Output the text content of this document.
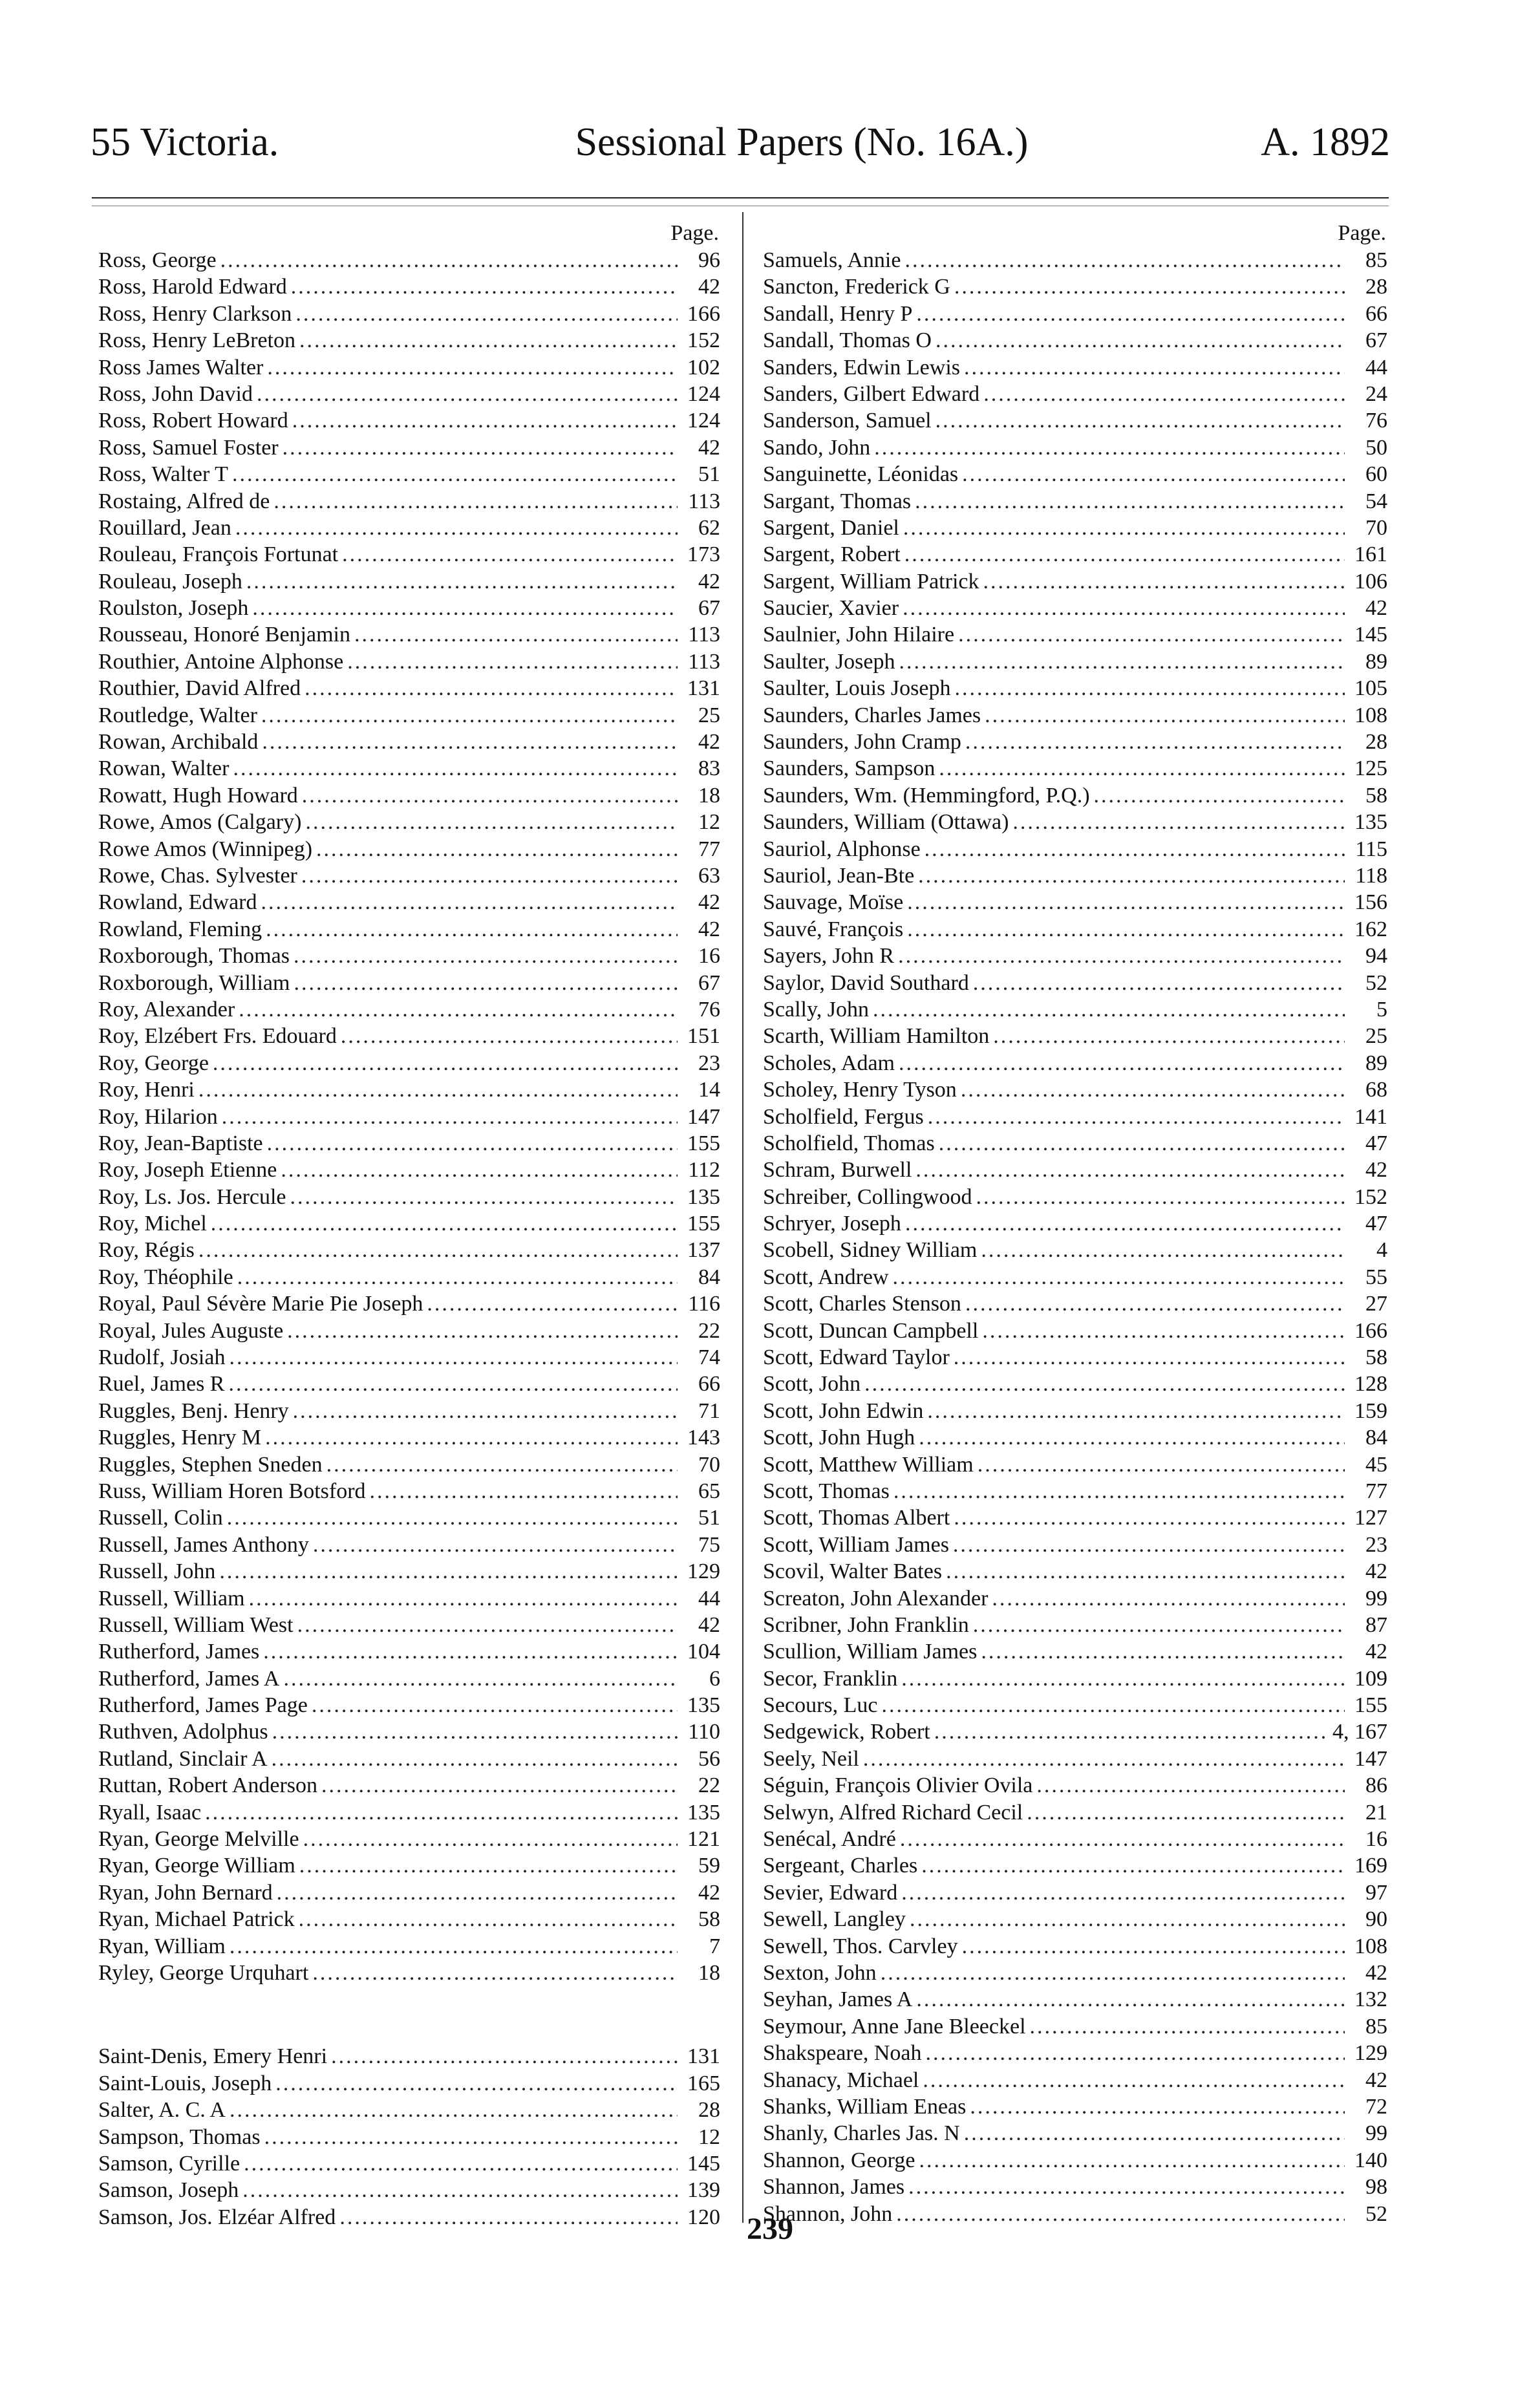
55 Victoria.	Sessional Papers (No. 16A.)	A. 1892
Page.
Ross, George .....	96
Ross, Harold Edward .....	42
Ross, Henry Clarkson .....	166
Ross, Henry LeBreton .....	152
Ross James Walter .....	102
Ross, John David .....	124
Ross, Robert Howard .....	124
Ross, Samuel Foster .....	42
Ross, Walter T .....	51
Rostaing, Alfred de .....	113
Rouillard, Jean .....	62
Rouleau, François Fortunat .....	173
Rouleau, Joseph .....	42
Roulston, Joseph .....	67
Rousseau, Honoré Benjamin .....	113
Routhier, Antoine Alphonse .....	113
Routhier, David Alfred .....	131
Routledge, Walter .....	25
Rowan, Archibald .....	42
Rowan, Walter .....	83
Rowatt, Hugh Howard .....	18
Rowe, Amos (Calgary) .....	12
Rowe Amos (Winnipeg) .....	77
Rowe, Chas. Sylvester .....	63
Rowland, Edward .....	42
Rowland, Fleming .....	42
Roxborough, Thomas .....	16
Roxborough, William .....	67
Roy, Alexander .....	76
Roy, Elzébert Frs. Edouard .....	151
Roy, George .....	23
Roy, Henri .....	14
Roy, Hilarion .....	147
Roy, Jean-Baptiste .....	155
Roy, Joseph Etienne .....	112
Roy, Ls. Jos. Hercule .....	135
Roy, Michel .....	155
Roy, Régis .....	137
Roy, Théophile .....	84
Royal, Paul Sévère Marie Pie Joseph .....	116
Royal, Jules Auguste .....	22
Rudolf, Josiah .....	74
Ruel, James R .....	66
Ruggles, Benj. Henry .....	71
Ruggles, Henry M .....	143
Ruggles, Stephen Sneden .....	70
Russ, William Horen Botsford .....	65
Russell, Colin .....	51
Russell, James Anthony .....	75
Russell, John .....	129
Russell, William .....	44
Russell, William West .....	42
Rutherford, James .....	104
Rutherford, James A .....	6
Rutherford, James Page .....	135
Ruthven, Adolphus .....	110
Rutland, Sinclair A .....	56
Ruttan, Robert Anderson .....	22
Ryall, Isaac .....	135
Ryan, George Melville .....	121
Ryan, George William .....	59
Ryan, John Bernard .....	42
Ryan, Michael Patrick .....	58
Ryan, William .....	7
Ryley, George Urquhart .....	18
Saint-Denis, Emery Henri .....	131
Saint-Louis, Joseph .....	165
Salter, A. C. A .....	28
Sampson, Thomas .....	12
Samson, Cyrille .....	145
Samson, Joseph .....	139
Samson, Jos. Elzéar Alfred .....	120
Page.
Samuels, Annie .....	85
Sancton, Frederick G .....	28
Sandall, Henry P .....	66
Sandall, Thomas O .....	67
Sanders, Edwin Lewis .....	44
Sanders, Gilbert Edward .....	24
Sanderson, Samuel .....	76
Sando, John .....	50
Sanguinette, Léonidas .....	60
Sargant, Thomas .....	54
Sargent, Daniel .....	70
Sargent, Robert .....	161
Sargent, William Patrick .....	106
Saucier, Xavier .....	42
Saulnier, John Hilaire .....	145
Saulter, Joseph .....	89
Saulter, Louis Joseph .....	105
Saunders, Charles James .....	108
Saunders, John Cramp .....	28
Saunders, Sampson .....	125
Saunders, Wm. (Hemmingford, P.Q.) .....	58
Saunders, William (Ottawa) .....	135
Sauriol, Alphonse .....	115
Sauriol, Jean-Bte .....	118
Sauvage, Moïse .....	156
Sauvé, François .....	162
Sayers, John R .....	94
Saylor, David Southard .....	52
Scally, John .....	5
Scarth, William Hamilton .....	25
Scholes, Adam .....	89
Scholey, Henry Tyson .....	68
Scholfield, Fergus .....	141
Scholfield, Thomas .....	47
Schram, Burwell .....	42
Schreiber, Collingwood .....	152
Schryer, Joseph .....	47
Scobell, Sidney William .....	4
Scott, Andrew .....	55
Scott, Charles Stenson .....	27
Scott, Duncan Campbell .....	166
Scott, Edward Taylor .....	58
Scott, John .....	128
Scott, John Edwin .....	159
Scott, John Hugh .....	84
Scott, Matthew William .....	45
Scott, Thomas .....	77
Scott, Thomas Albert .....	127
Scott, William James .....	23
Scovil, Walter Bates .....	42
Screaton, John Alexander .....	99
Scribner, John Franklin .....	87
Scullion, William James .....	42
Secor, Franklin .....	109
Secours, Luc .....	155
Sedgewick, Robert .....	4, 167
Seely, Neil .....	147
Séguin, François Olivier Ovila .....	86
Selwyn, Alfred Richard Cecil .....	21
Senécal, André .....	16
Sergeant, Charles .....	169
Sevier, Edward .....	97
Sewell, Langley .....	90
Sewell, Thos. Carvley .....	108
Sexton, John .....	42
Seyhan, James A .....	132
Seymour, Anne Jane Bleeckel .....	85
Shakspeare, Noah .....	129
Shanacy, Michael .....	42
Shanks, William Eneas .....	72
Shanly, Charles Jas. N .....	99
Shannon, George .....	140
Shannon, James .....	98
Shannon, John .....	52
239
